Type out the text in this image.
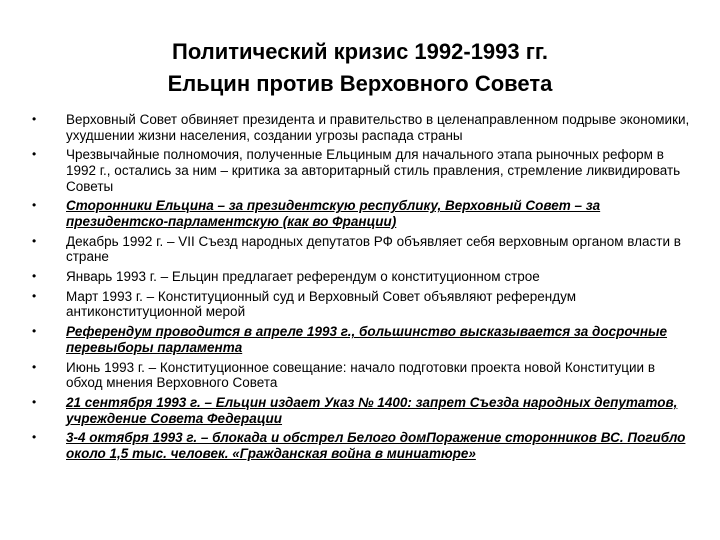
Политический кризис 1992-1993 гг.
Ельцин против Верховного Совета
• Верховный Совет обвиняет президента и правительство в целенаправленном подрыве экономики, ухудшении жизни населения, создании угрозы распада страны
• Чрезвычайные полномочия, полученные Ельциным для начального этапа рыночных реформ в 1992 г., остались за ним – критика за авторитарный стиль правления, стремление ликвидировать Советы
• Сторонники Ельцина – за президентскую республику, Верховный Совет – за президентско-парламентскую (как во Франции)
• Декабрь 1992 г. – VII Съезд народных депутатов РФ объявляет себя верховным органом власти в стране
• Январь 1993 г. – Ельцин предлагает референдум о конституционном строе
• Март 1993 г. – Конституционный суд и Верховный Совет объявляют референдум антиконституционной мерой
• Референдум проводится в апреле 1993 г., большинство высказывается за досрочные перевыборы парламента
• Июнь 1993 г. – Конституционное совещание: начало подготовки проекта новой Конституции в обход мнения Верховного Совета
• 21 сентября 1993 г. – Ельцин издает Указ № 1400: запрет Съезда народных депутатов, учреждение Совета Федерации
• 3-4 октября 1993 г. – блокада и обстрел Белого домПоражение сторонников ВС. Погибло около 1,5 тыс. человек. «Гражданская война в миниатюре»
